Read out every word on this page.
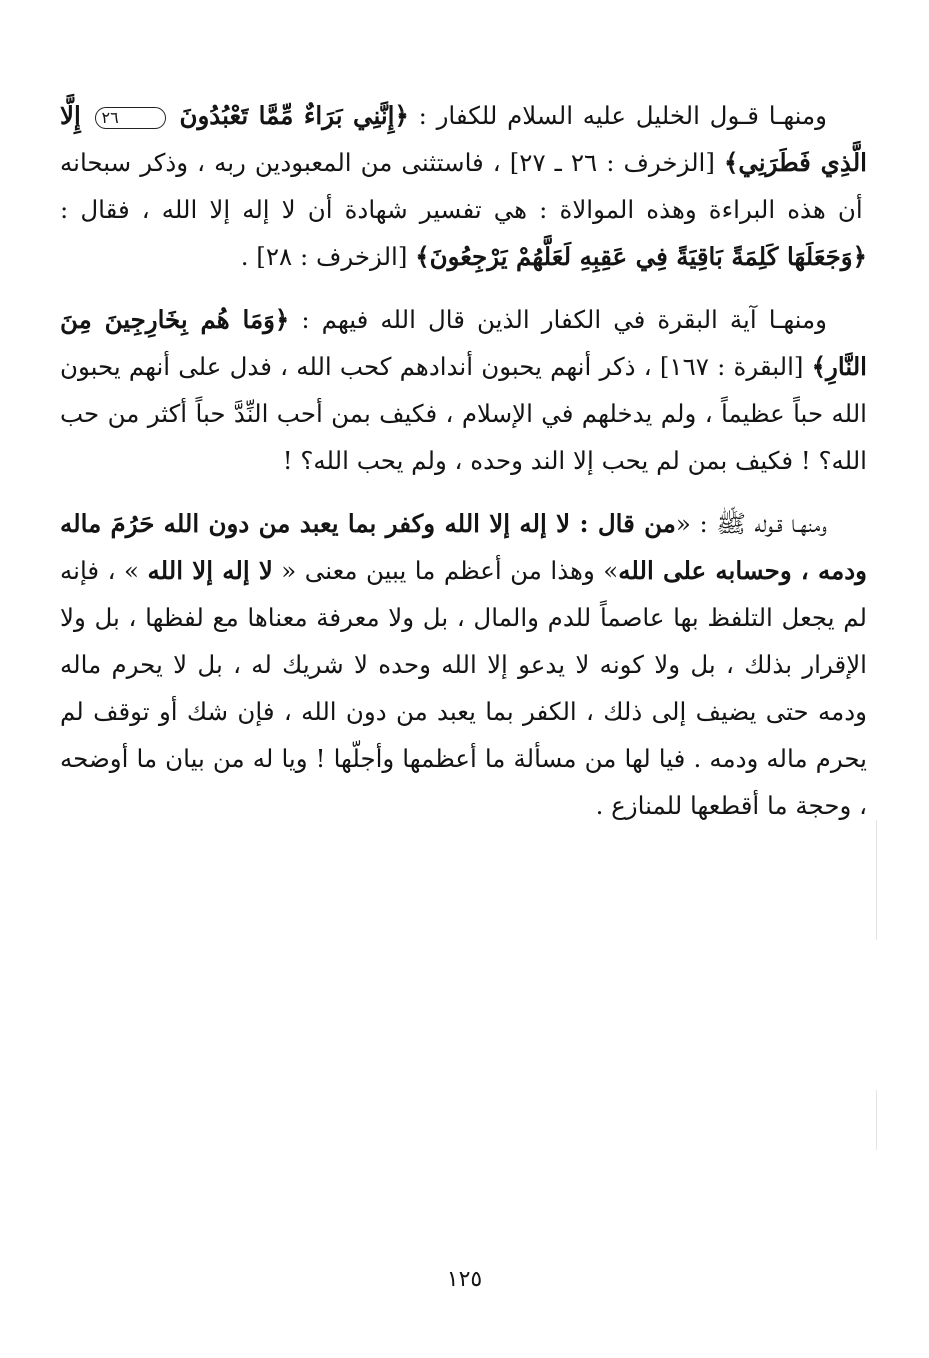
ومنهـا قـول الخليل عليه السلام للكفار : ﴿إِنَّنِي بَرَاءٌ مِّمَّا تَعْبُدُونَ ٢٦ إِلَّا الَّذِي فَطَرَنِي﴾ [الزخرف : ٢٦ ـ ٢٧] ، فاستثنى من المعبودين ربه ، وذكر سبحانه أن هذه البراءة وهذه الموالاة : هي تفسير شهادة أن لا إله إلا الله ، فقال : ﴿وَجَعَلَهَا كَلِمَةً بَاقِيَةً فِي عَقِبِهِ لَعَلَّهُمْ يَرْجِعُونَ﴾ [الزخرف : ٢٨] .

ومنهـا آية البقرة في الكفار الذين قال الله فيهم : ﴿وَمَا هُم بِخَارِجِينَ مِنَ النَّارِ﴾ [البقرة : ١٦٧] ، ذكر أنهم يحبون أندادهم كحب الله ، فدل على أنهم يحبون الله حباً عظيماً ، ولم يدخلهم في الإسلام ، فكيف بمن أحب النِّدَّ حباً أكثر من حب الله؟ ! فكيف بمن لم يحب إلا الند وحده ، ولم يحب الله؟ !

ومنهـا قـوله ﷺ : «من قال : لا إله إلا الله وكفر بما يعبد من دون الله حَرُمَ ماله ودمه ، وحسابه على الله» وهذا من أعظم ما يبين معنى « لا إله إلا الله » ، فإنه لم يجعل التلفظ بها عاصماً للدم والمال ، بل ولا معرفة معناها مع لفظها ، بل ولا الإقرار بذلك ، بل ولا كونه لا يدعو إلا الله وحده لا شريك له ، بل لا يحرم ماله ودمه حتى يضيف إلى ذلك ، الكفر بما يعبد من دون الله ، فإن شك أو توقف لم يحرم ماله ودمه . فيا لها من مسألة ما أعظمها وأجلّها ! ويا له من بيان ما أوضحه ، وحجة ما أقطعها للمنازع .

١٢٥
